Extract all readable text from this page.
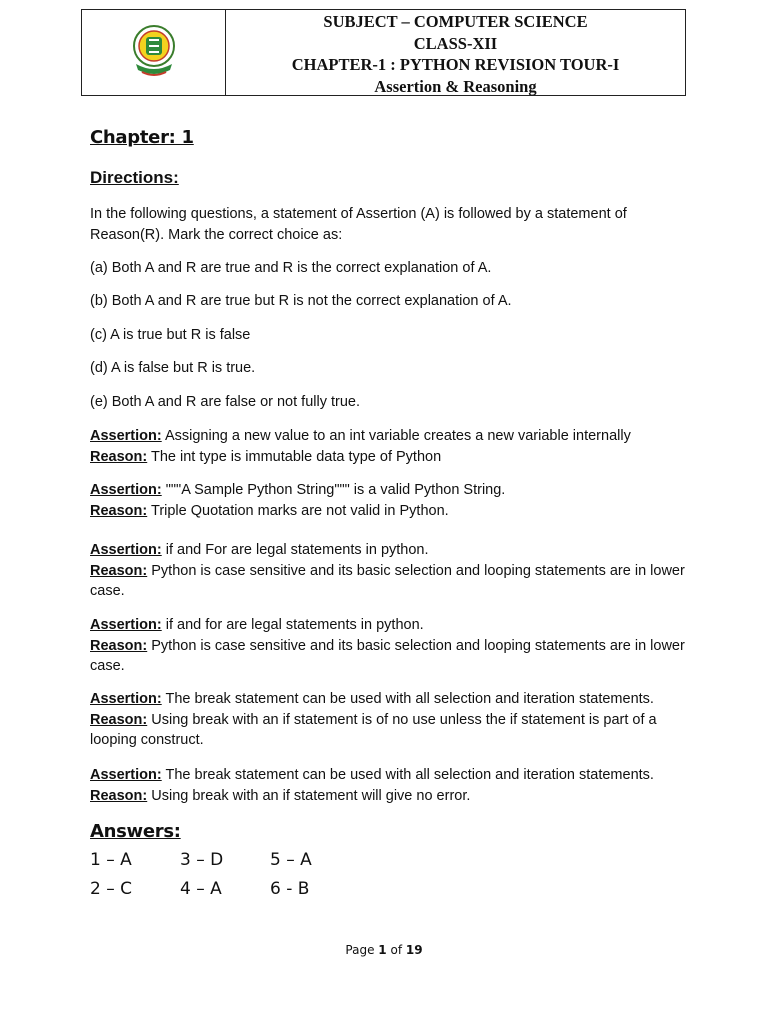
SUBJECT – COMPUTER SCIENCE
CLASS-XII
CHAPTER-1 : PYTHON REVISION TOUR-I
Assertion & Reasoning
Chapter: 1
Directions:
In the following questions, a statement of Assertion (A) is followed by a statement of Reason(R). Mark the correct choice as:
(a) Both A and R are true and R is the correct explanation of A.
(b) Both A and R are true but R is not the correct explanation of A.
(c) A is true but R is false
(d) A is false but R is true.
(e) Both A and R are false or not fully true.
Assertion: Assigning a new value to an int variable creates a new variable internally
Reason: The int type is immutable data type of Python
Assertion: """A Sample Python String""" is a valid Python String.
Reason: Triple Quotation marks are not valid in Python.
Assertion: if and For are legal statements in python.
Reason: Python is case sensitive and its basic selection and looping statements are in lower case.
Assertion: if and for are legal statements in python.
Reason: Python is case sensitive and its basic selection and looping statements are in lower case.
Assertion: The break statement can be used with all selection and iteration statements.
Reason: Using break with an if statement is of no use unless the if statement is part of a looping construct.
Assertion: The break statement can be used with all selection and iteration statements.
Reason: Using break with an if statement will give no error.
Answers:
1 – A
2 – C
3 – D
4 – A
5 – A
6 - B
Page 1 of 19
